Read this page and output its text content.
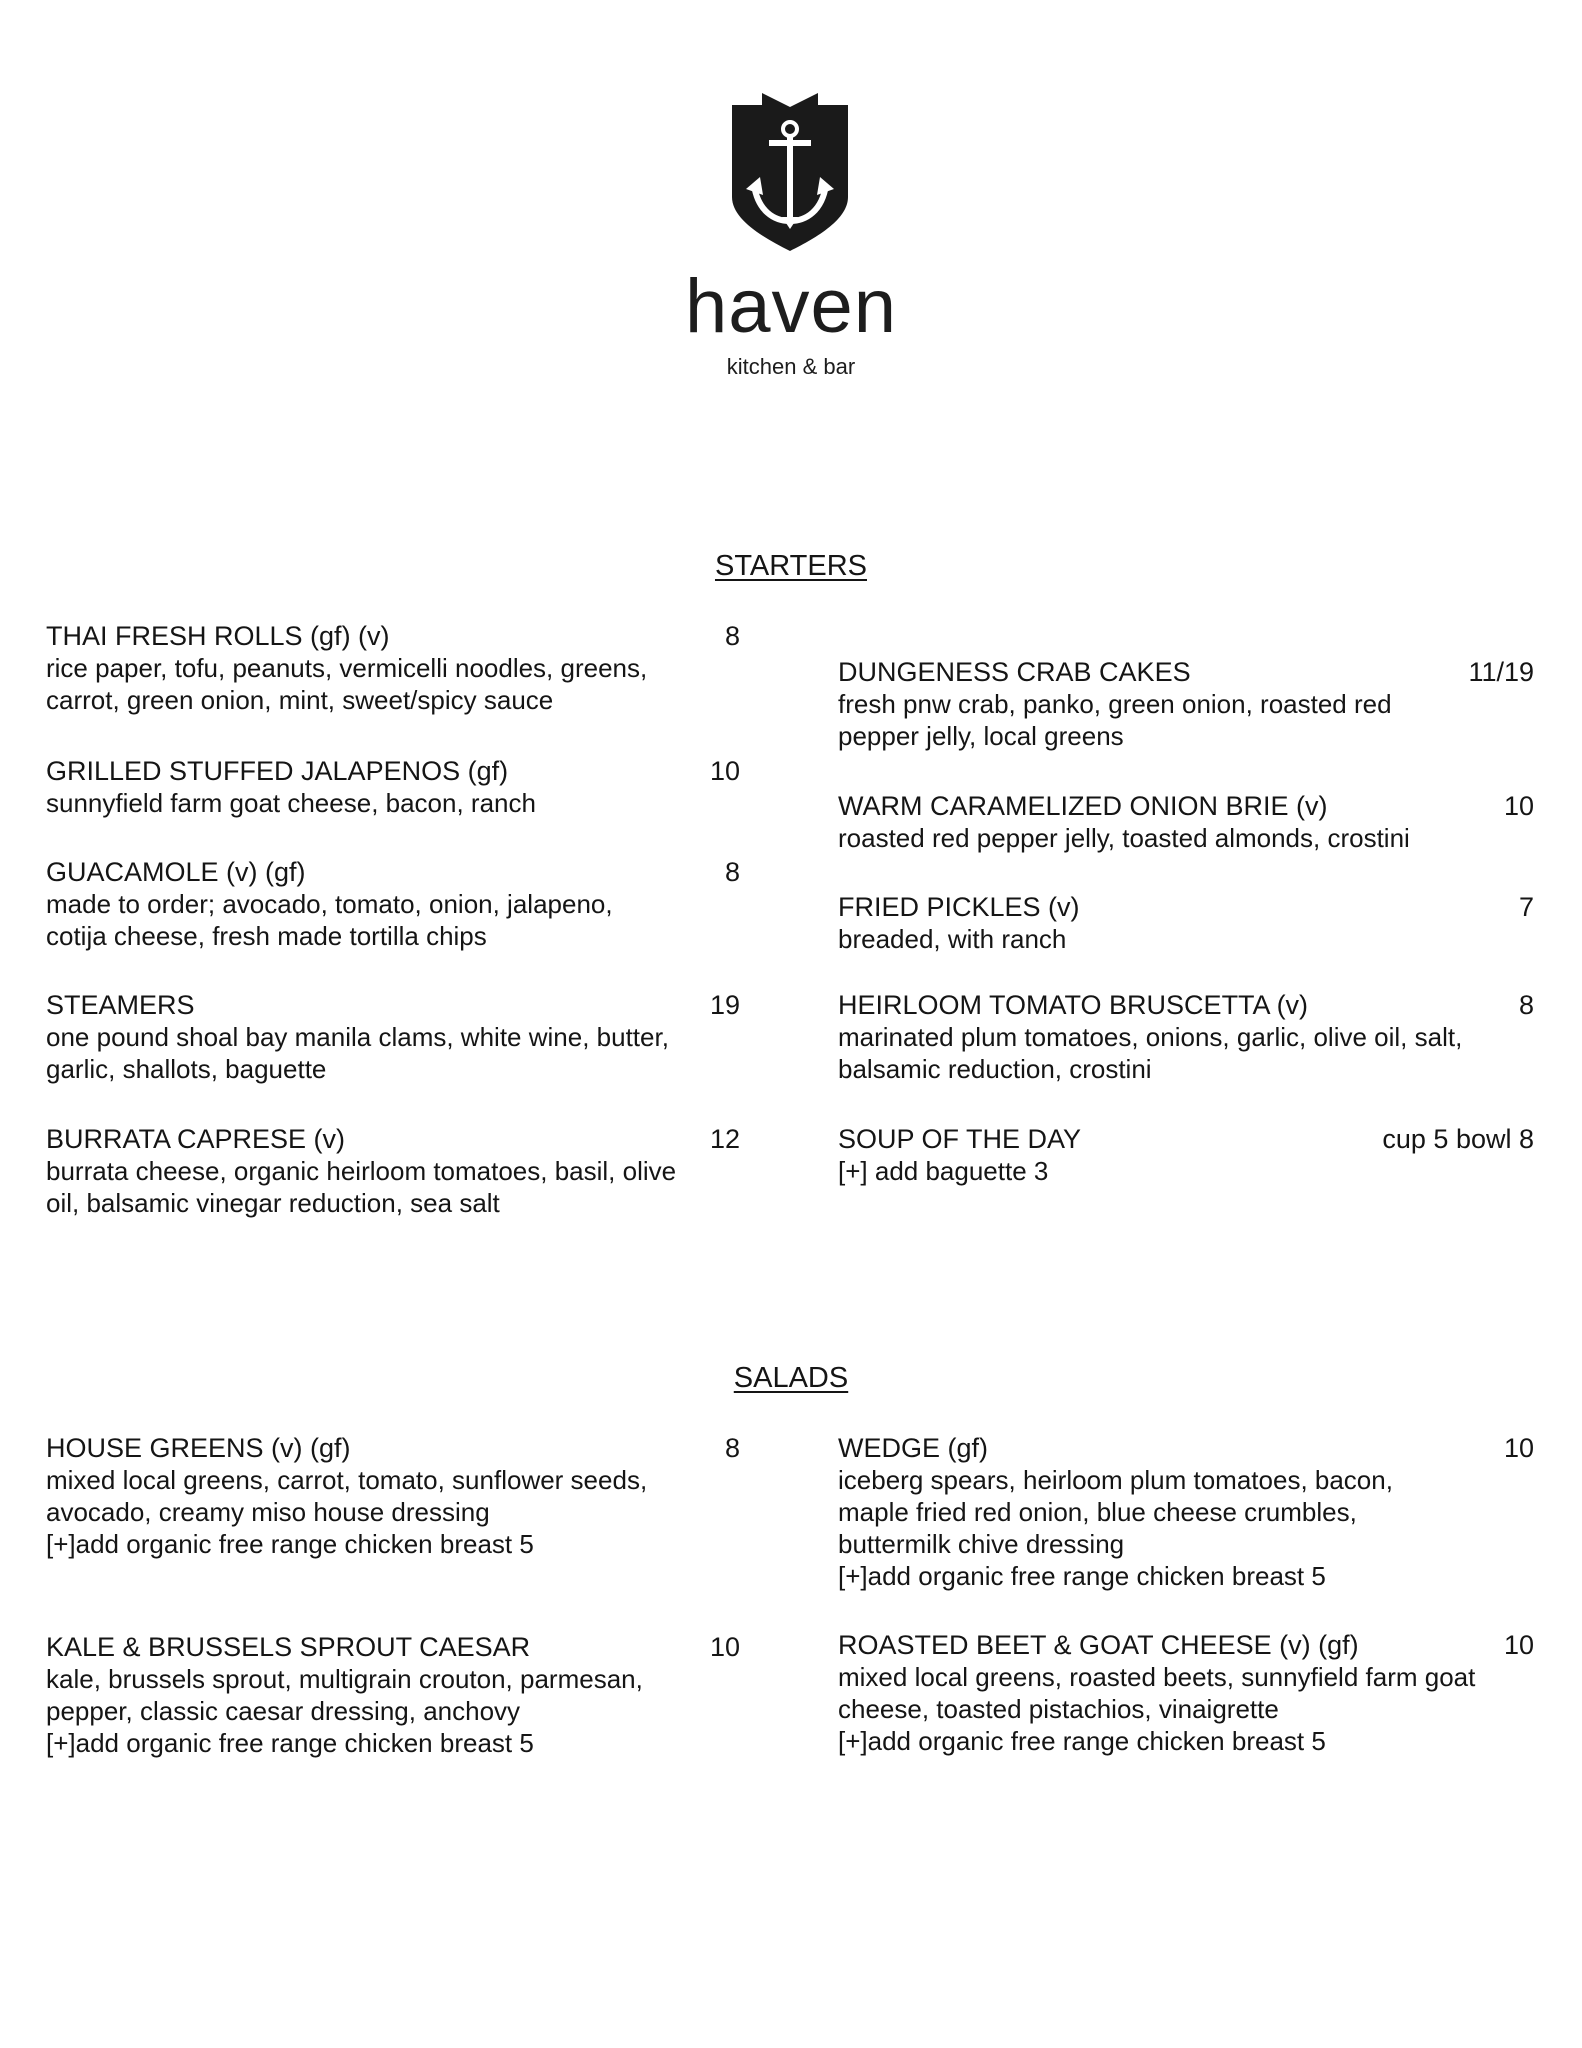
haven
kitchen & bar
STARTERS
THAI FRESH ROLLS (gf) (v)	8
rice paper, tofu, peanuts, vermicelli noodles, greens,
carrot, green onion, mint, sweet/spicy sauce
GRILLED STUFFED JALAPENOS (gf)	10
sunnyfield farm goat cheese, bacon, ranch
GUACAMOLE (v) (gf)	8
made to order; avocado, tomato, onion, jalapeno,
cotija cheese, fresh made tortilla chips
STEAMERS	19
one pound shoal bay manila clams, white wine, butter,
garlic, shallots, baguette
BURRATA CAPRESE (v)	12
burrata cheese, organic heirloom tomatoes, basil, olive
oil, balsamic vinegar reduction, sea salt
DUNGENESS CRAB CAKES	11/19
fresh pnw crab, panko, green onion, roasted red
pepper jelly, local greens
WARM CARAMELIZED ONION BRIE (v)	10
roasted red pepper jelly, toasted almonds, crostini
FRIED PICKLES (v)	7
breaded, with ranch
HEIRLOOM TOMATO BRUSCETTA (v)	8
marinated plum tomatoes, onions, garlic, olive oil, salt,
balsamic reduction, crostini
SOUP OF THE DAY	cup 5 bowl 8
[+] add baguette 3
SALADS
HOUSE GREENS (v) (gf)	8
mixed local greens, carrot, tomato, sunflower seeds,
avocado, creamy miso house dressing
[+]add organic free range chicken breast 5
KALE & BRUSSELS SPROUT CAESAR	10
kale, brussels sprout, multigrain crouton, parmesan,
pepper, classic caesar dressing, anchovy
[+]add organic free range chicken breast 5
WEDGE (gf)	10
iceberg spears, heirloom plum tomatoes, bacon,
maple fried red onion, blue cheese crumbles,
buttermilk chive dressing
[+]add organic free range chicken breast 5
ROASTED BEET & GOAT CHEESE (v) (gf)	10
mixed local greens, roasted beets, sunnyfield farm goat
cheese, toasted pistachios, vinaigrette
[+]add organic free range chicken breast 5
